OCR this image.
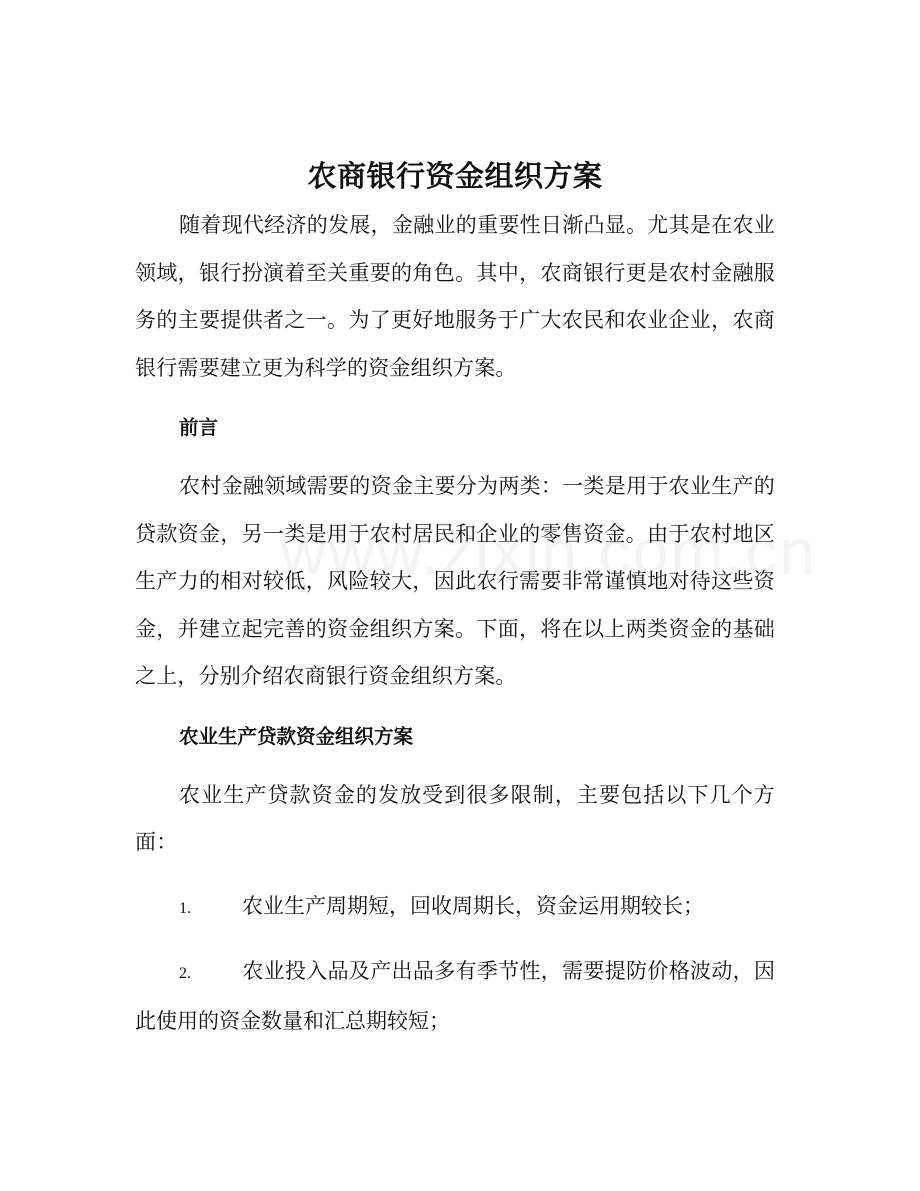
农商银行资金组织方案

随着现代经济的发展，金融业的重要性日渐凸显。尤其是在农业领域，银行扮演着至关重要的角色。其中，农商银行更是农村金融服务的主要提供者之一。为了更好地服务于广大农民和农业企业，农商银行需要建立更为科学的资金组织方案。

前言

农村金融领域需要的资金主要分为两类：一类是用于农业生产的贷款资金，另一类是用于农村居民和企业的零售资金。由于农村地区生产力的相对较低，风险较大，因此农行需要非常谨慎地对待这些资金，并建立起完善的资金组织方案。下面，将在以上两类资金的基础之上，分别介绍农商银行资金组织方案。

农业生产贷款资金组织方案

农业生产贷款资金的发放受到很多限制，主要包括以下几个方面：

1. 农业生产周期短，回收周期长，资金运用期较长；

2. 农业投入品及产出品多有季节性，需要提防价格波动，因此使用的资金数量和汇总期较短；
